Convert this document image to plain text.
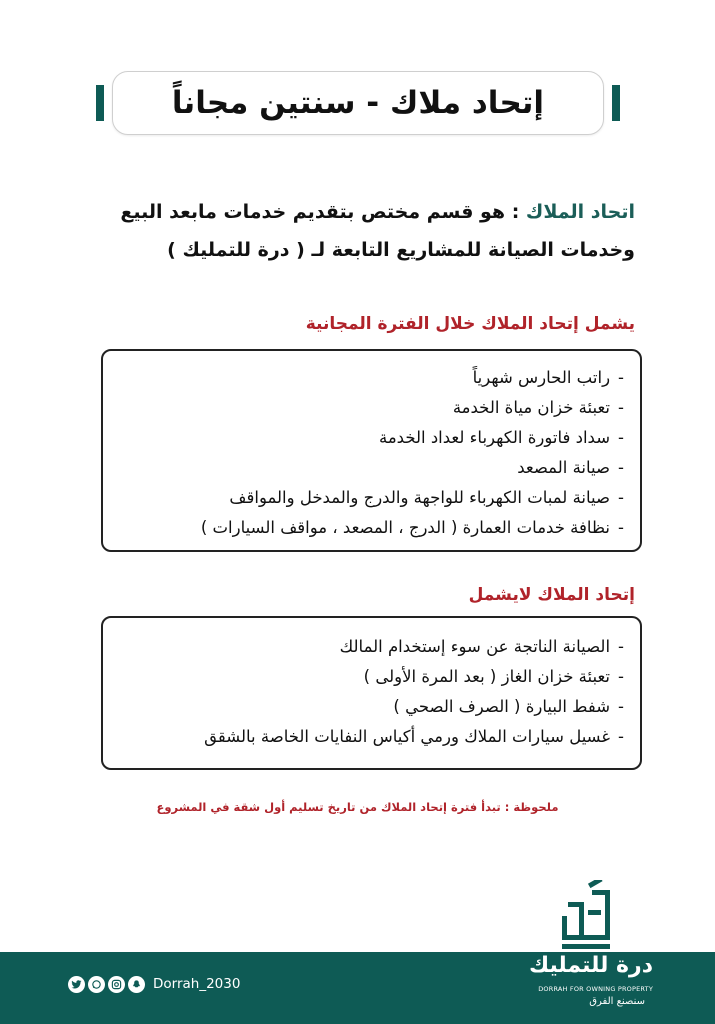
إتحاد ملاك - سنتين مجاناً
اتحاد الملاك : هو قسم مختص بتقديم خدمات مابعد البيع
وخدمات الصيانة للمشاريع التابعة لـ ( درة للتمليك )
يشمل إتحاد الملاك خلال الفترة المجانية
-راتب الحارس شهرياً
-تعبئة خزان مياة الخدمة
-سداد فاتورة الكهرباء لعداد الخدمة
-صيانة المصعد
-صيانة لمبات الكهرباء للواجهة والدرج والمدخل والمواقف
-نظافة خدمات العمارة ( الدرج ، المصعد ، مواقف السيارات )
إتحاد الملاك لايشمل
-الصيانة الناتجة عن سوء إستخدام المالك
-تعبئة خزان الغاز ( بعد المرة الأولى )
-شفط البيارة ( الصرف الصحي )
-غسيل سيارات الملاك ورمي أكياس النفايات الخاصة بالشقق
ملحوظة : تبدأ فترة إتحاد الملاك من تاريخ تسليم أول شقة في المشروع
Dorrah_2030
درة للتمليك
DORRAH FOR OWNING PROPERTY
سنصنع الفرق
